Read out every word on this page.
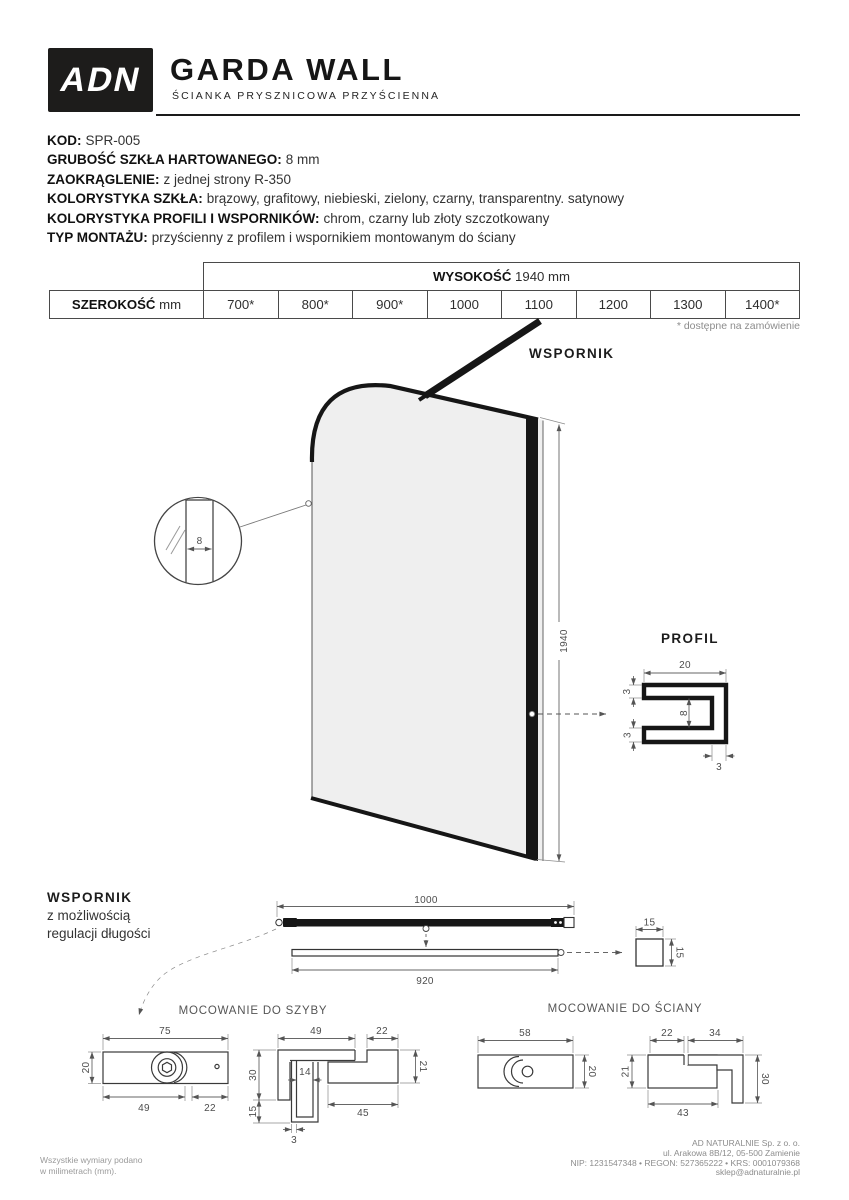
ADN GARDA WALL
ŚCIANKA PRYSZNICOWA PRZYŚCIENNA
KOD: SPR-005
GRUBOŚĆ SZKŁA HARTOWANEGO: 8 mm
ZAOKRĄGLENIE: z jednej strony R-350
KOLORYSTYKA SZKŁA: brązowy, grafitowy, niebieski, zielony, czarny, transparentny. satynowy
KOLORYSTYKA PROFILI I WSPORNIKÓW: chrom, czarny lub złoty szczotkowany
TYP MONTAŻU: przyścienny z profilem i wspornikiem montowanym do ściany
	WYSOKOŚĆ 1940 mm							
SZEROKOŚĆ mm	700*	800*	900*	1000	1100	1200	1300	1400*
* dostępne na zamówienie
WSPORNIK
8
1940	PROFIL
20
3
8
3
3
WSPORNIK
z możliwością
regulacji długości
1000
920
15
15
MOCOWANIE DO SZYBY
75
20
49	22
49	22
30
15
14
45
21
3
MOCOWANIE DO ŚCIANY
58
20
22	34
21
43
30
Wszystkie wymiary podano
w milimetrach (mm).
AD NATURALNIE Sp. z o. o.
ul. Arakowa 8B/12, 05-500 Zamienie
NIP: 1231547348 • REGON: 527365222 • KRS: 0001079368
sklep@adnaturalnie.pl
